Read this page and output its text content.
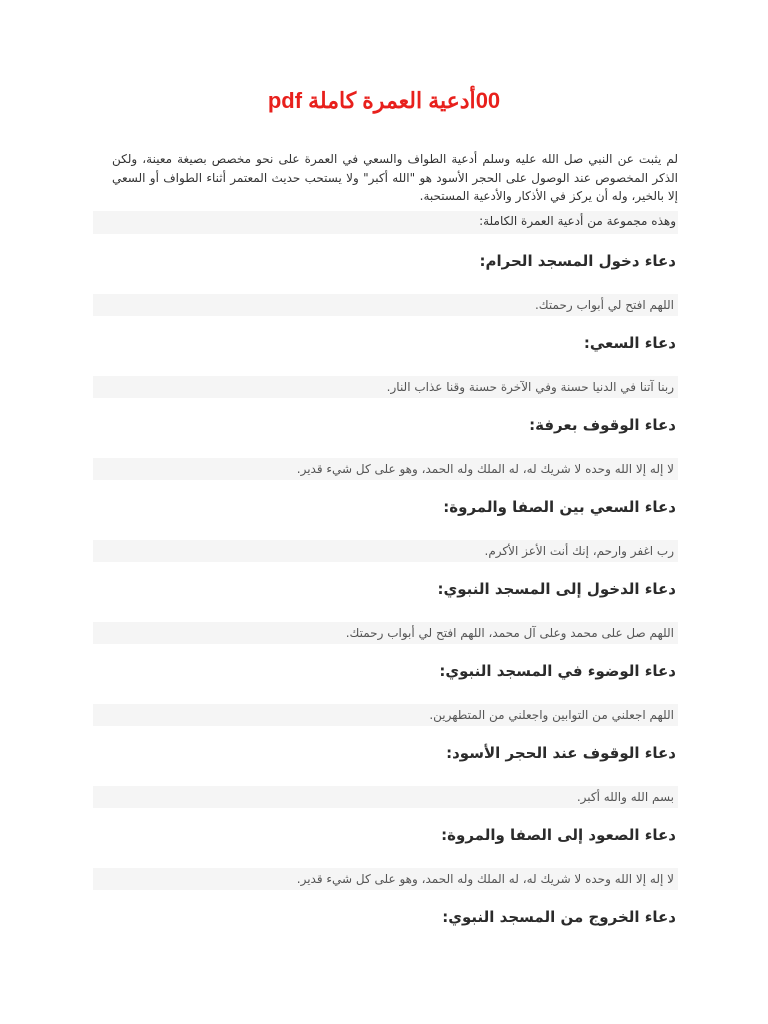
00أدعية العمرة كاملة pdf

لم يثبت عن النبي صل الله عليه وسلم أدعية الطواف والسعي في العمرة على نحو مخصص بصيغة معينة، ولكن الذكر المخصوص عند الوصول على الحجر الأسود هو "الله أكبر" ولا يستحب حديث المعتمر أثناء الطواف أو السعي إلا بالخير، وله أن يركز في الأذكار والأدعية المستحبة.

وهذه مجموعة من أدعية العمرة الكاملة:

دعاء دخول المسجد الحرام:

اللهم افتح لي أبواب رحمتك.

دعاء السعي:

ربنا آتنا في الدنيا حسنة وفي الآخرة حسنة وقنا عذاب النار.

دعاء الوقوف بعرفة:

لا إله إلا الله وحده لا شريك له، له الملك وله الحمد، وهو على كل شيء قدير.

دعاء السعي بين الصفا والمروة:

رب اغفر وارحم، إنك أنت الأعز الأكرم.

دعاء الدخول إلى المسجد النبوي:

اللهم صل على محمد وعلى آل محمد، اللهم افتح لي أبواب رحمتك.

دعاء الوضوء في المسجد النبوي:

اللهم اجعلني من التوابين واجعلني من المتطهرين.

دعاء الوقوف عند الحجر الأسود:

بسم الله والله أكبر.

دعاء الصعود إلى الصفا والمروة:

لا إله إلا الله وحده لا شريك له، له الملك وله الحمد، وهو على كل شيء قدير.

دعاء الخروج من المسجد النبوي:
